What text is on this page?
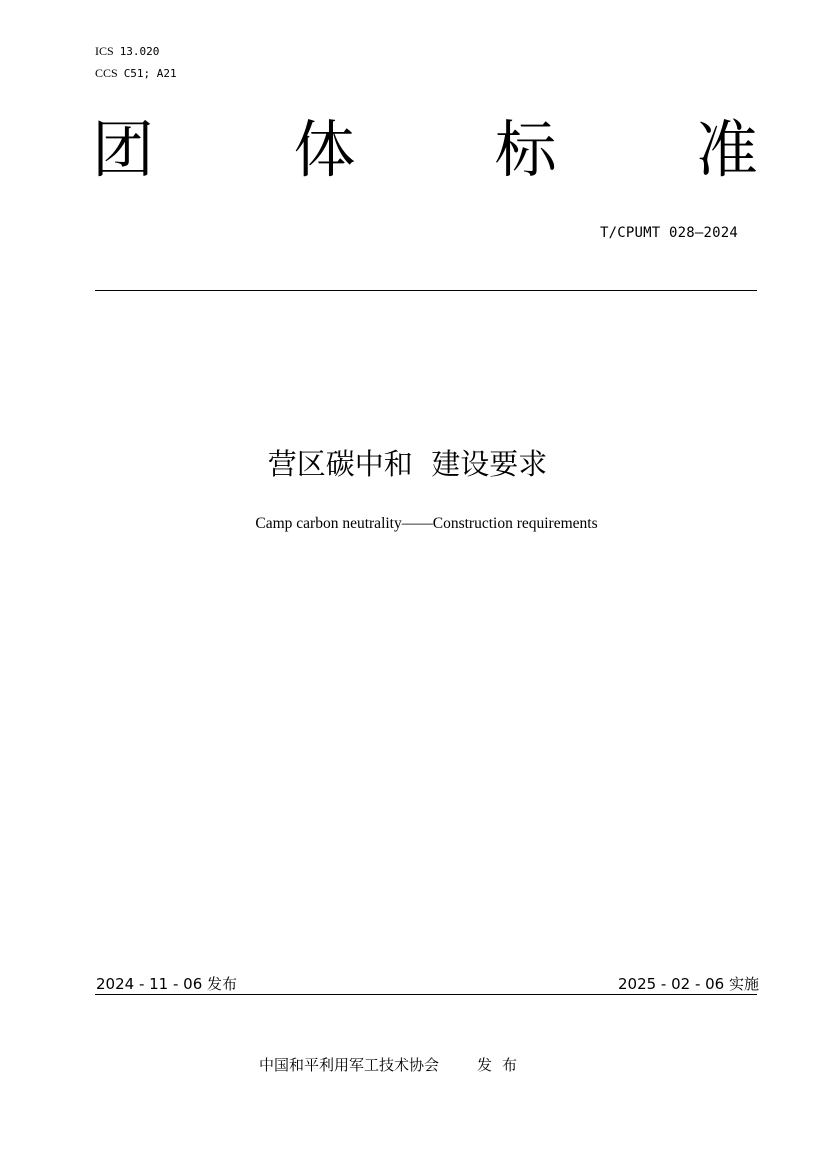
ICS 13.020
CCS C51; A21
团 体 标 准
T/CPUMT 028—2024
营区碳中和  建设要求
Camp carbon neutrality——Construction requirements
2024 - 11 - 06 发布	2025 - 02 - 06 实施
中国和平利用军工技术协会	发布
